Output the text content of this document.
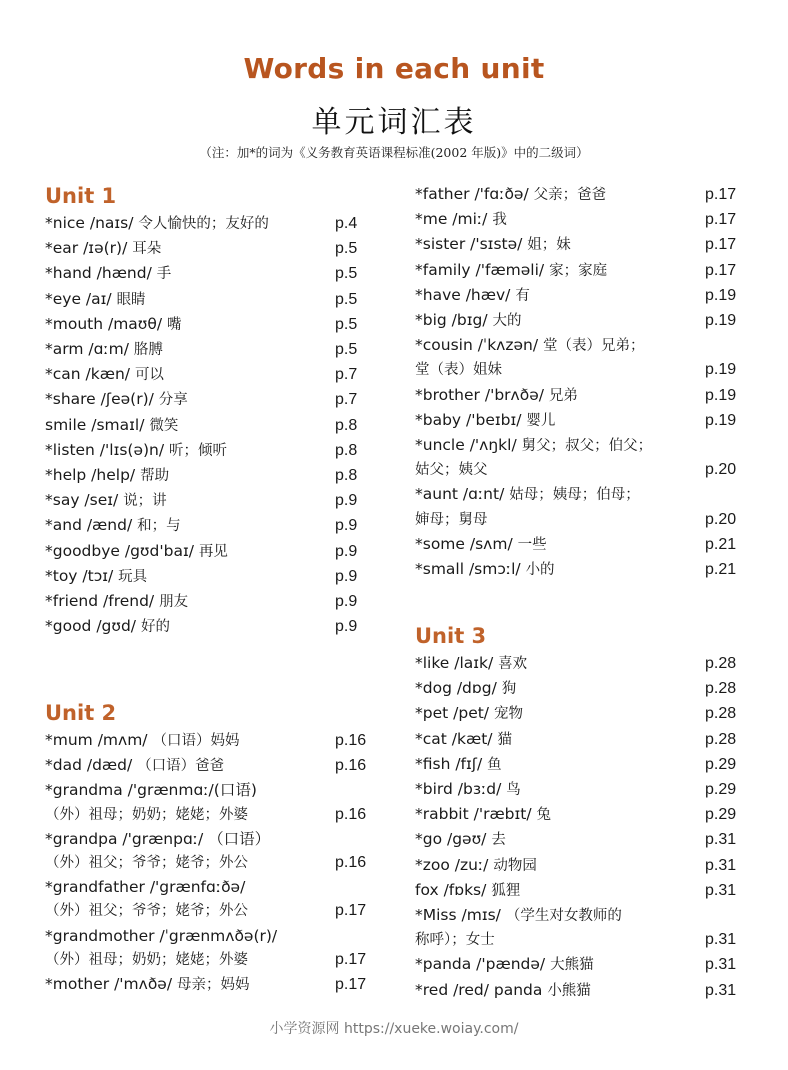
Words in each unit
单元词汇表
（注：加*的词为《义务教育英语课程标准(2002 年版)》中的二级词）
Unit 1
*nice /naɪs/ 令人愉快的；友好的	p.4
*ear /ɪə(r)/ 耳朵	p.5
*hand /hænd/ 手	p.5
*eye /aɪ/ 眼睛	p.5
*mouth /maʊθ/ 嘴	p.5
*arm /ɑːm/ 胳膊	p.5
*can /kæn/ 可以	p.7
*share /ʃeə(r)/ 分享	p.7
smile /smaɪl/ 微笑	p.8
*listen /'lɪs(ə)n/ 听；倾听	p.8
*help /help/ 帮助	p.8
*say /seɪ/ 说；讲	p.9
*and /ænd/ 和；与	p.9
*goodbye /gʊd'baɪ/ 再见	p.9
*toy /tɔɪ/ 玩具	p.9
*friend /frend/ 朋友	p.9
*good /gʊd/ 好的	p.9
Unit 2
*mum /mʌm/ （口语）妈妈	p.16
*dad /dæd/ （口语）爸爸	p.16
*grandma /'grænmɑː/(口语)
（外）祖母；奶奶；姥姥；外婆	p.16
*grandpa /'grænpɑː/ （口语）
（外）祖父；爷爷；姥爷；外公	p.16
*grandfather /'grænfɑːðə/
（外）祖父；爷爷；姥爷；外公	p.17
*grandmother /ˈgrænmʌðə(r)/
（外）祖母；奶奶；姥姥；外婆	p.17
*mother /'mʌðə/ 母亲；妈妈	p.17
*father /'fɑːðə/ 父亲；爸爸	p.17
*me /miː/ 我	p.17
*sister /'sɪstə/ 姐；妹	p.17
*family /'fæməli/ 家；家庭	p.17
*have /hæv/ 有	p.19
*big /bɪg/ 大的	p.19
*cousin /ˈkʌzən/ 堂（表）兄弟；
堂（表）姐妹	p.19
*brother /'brʌðə/ 兄弟	p.19
*baby /'beɪbɪ/ 婴儿	p.19
*uncle /'ʌŋkl/ 舅父；叔父；伯父；
姑父；姨父	p.20
*aunt /ɑːnt/ 姑母；姨母；伯母；
婶母；舅母	p.20
*some /sʌm/ 一些	p.21
*small /smɔːl/ 小的	p.21
Unit 3
*like /laɪk/ 喜欢	p.28
*dog /dɒg/ 狗	p.28
*pet /pet/ 宠物	p.28
*cat /kæt/ 猫	p.28
*fish /fɪʃ/ 鱼	p.29
*bird /bɜːd/ 鸟	p.29
*rabbit /'ræbɪt/ 兔	p.29
*go /gəʊ/ 去	p.31
*zoo /zuː/ 动物园	p.31
fox /fɒks/ 狐狸	p.31
*Miss /mɪs/ （学生对女教师的
称呼）；女士	p.31
*panda /'pændə/ 大熊猫	p.31
*red /red/ panda 小熊猫	p.31
小学资源网 https://xueke.woiay.com/
